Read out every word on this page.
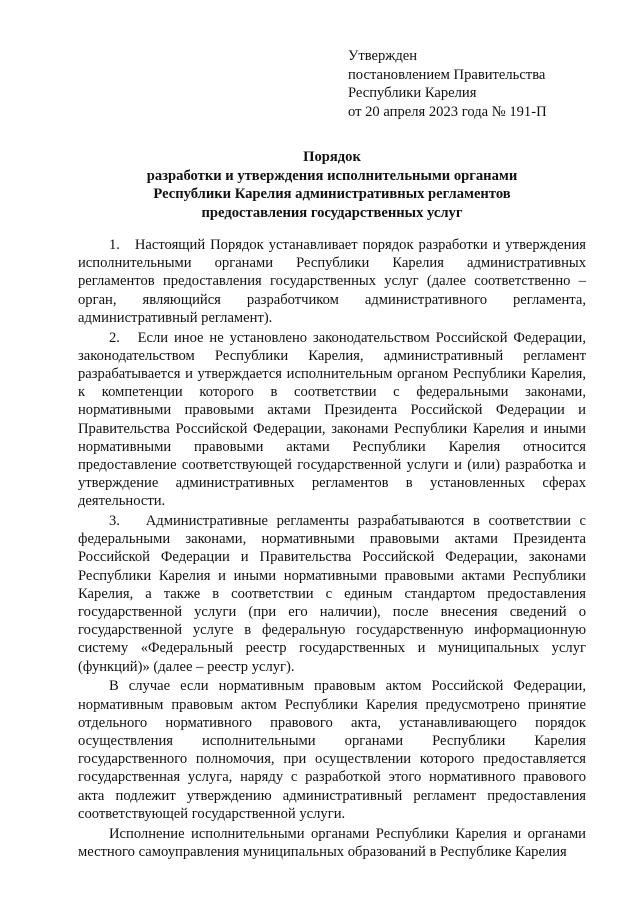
Утвержден
постановлением Правительства
Республики Карелия
от 20 апреля 2023 года № 191-П
Порядок
разработки и утверждения исполнительными органами
Республики Карелия административных регламентов
предоставления государственных услуг

1.   Настоящий Порядок устанавливает порядок разработки и утверждения исполнительными органами Республики Карелия административных регламентов предоставления государственных услуг (далее соответственно – орган, являющийся разработчиком административного регламента, административный регламент).

2.   Если иное не установлено законодательством Российской Федерации, законодательством Республики Карелия, административный регламент разрабатывается и утверждается исполнительным органом Республики Карелия, к компетенции которого в соответствии с федеральными законами, нормативными правовыми актами Президента Российской Федерации и Правительства Российской Федерации, законами Республики Карелия и иными нормативными правовыми актами Республики Карелия относится предоставление соответствующей государственной услуги и (или) разработка и утверждение административных регламентов в установленных сферах деятельности.

3.   Административные регламенты разрабатываются в соответствии с федеральными законами, нормативными правовыми актами Президента Российской Федерации и Правительства Российской Федерации, законами Республики Карелия и иными нормативными правовыми актами Республики Карелия, а также в соответствии с единым стандартом предоставления государственной услуги (при его наличии), после внесения сведений о государственной услуге в федеральную государственную информационную систему «Федеральный реестр государственных и муниципальных услуг (функций)» (далее – реестр услуг).

В случае если нормативным правовым актом Российской Федерации, нормативным правовым актом Республики Карелия предусмотрено принятие отдельного нормативного правового акта, устанавливающего порядок осуществления исполнительными органами Республики Карелия государственного полномочия, при осуществлении которого предоставляется государственная услуга, наряду с разработкой этого нормативного правового акта подлежит утверждению административный регламент предоставления соответствующей государственной услуги.

Исполнение исполнительными органами Республики Карелия и органами местного самоуправления муниципальных образований в Республике Карелия
